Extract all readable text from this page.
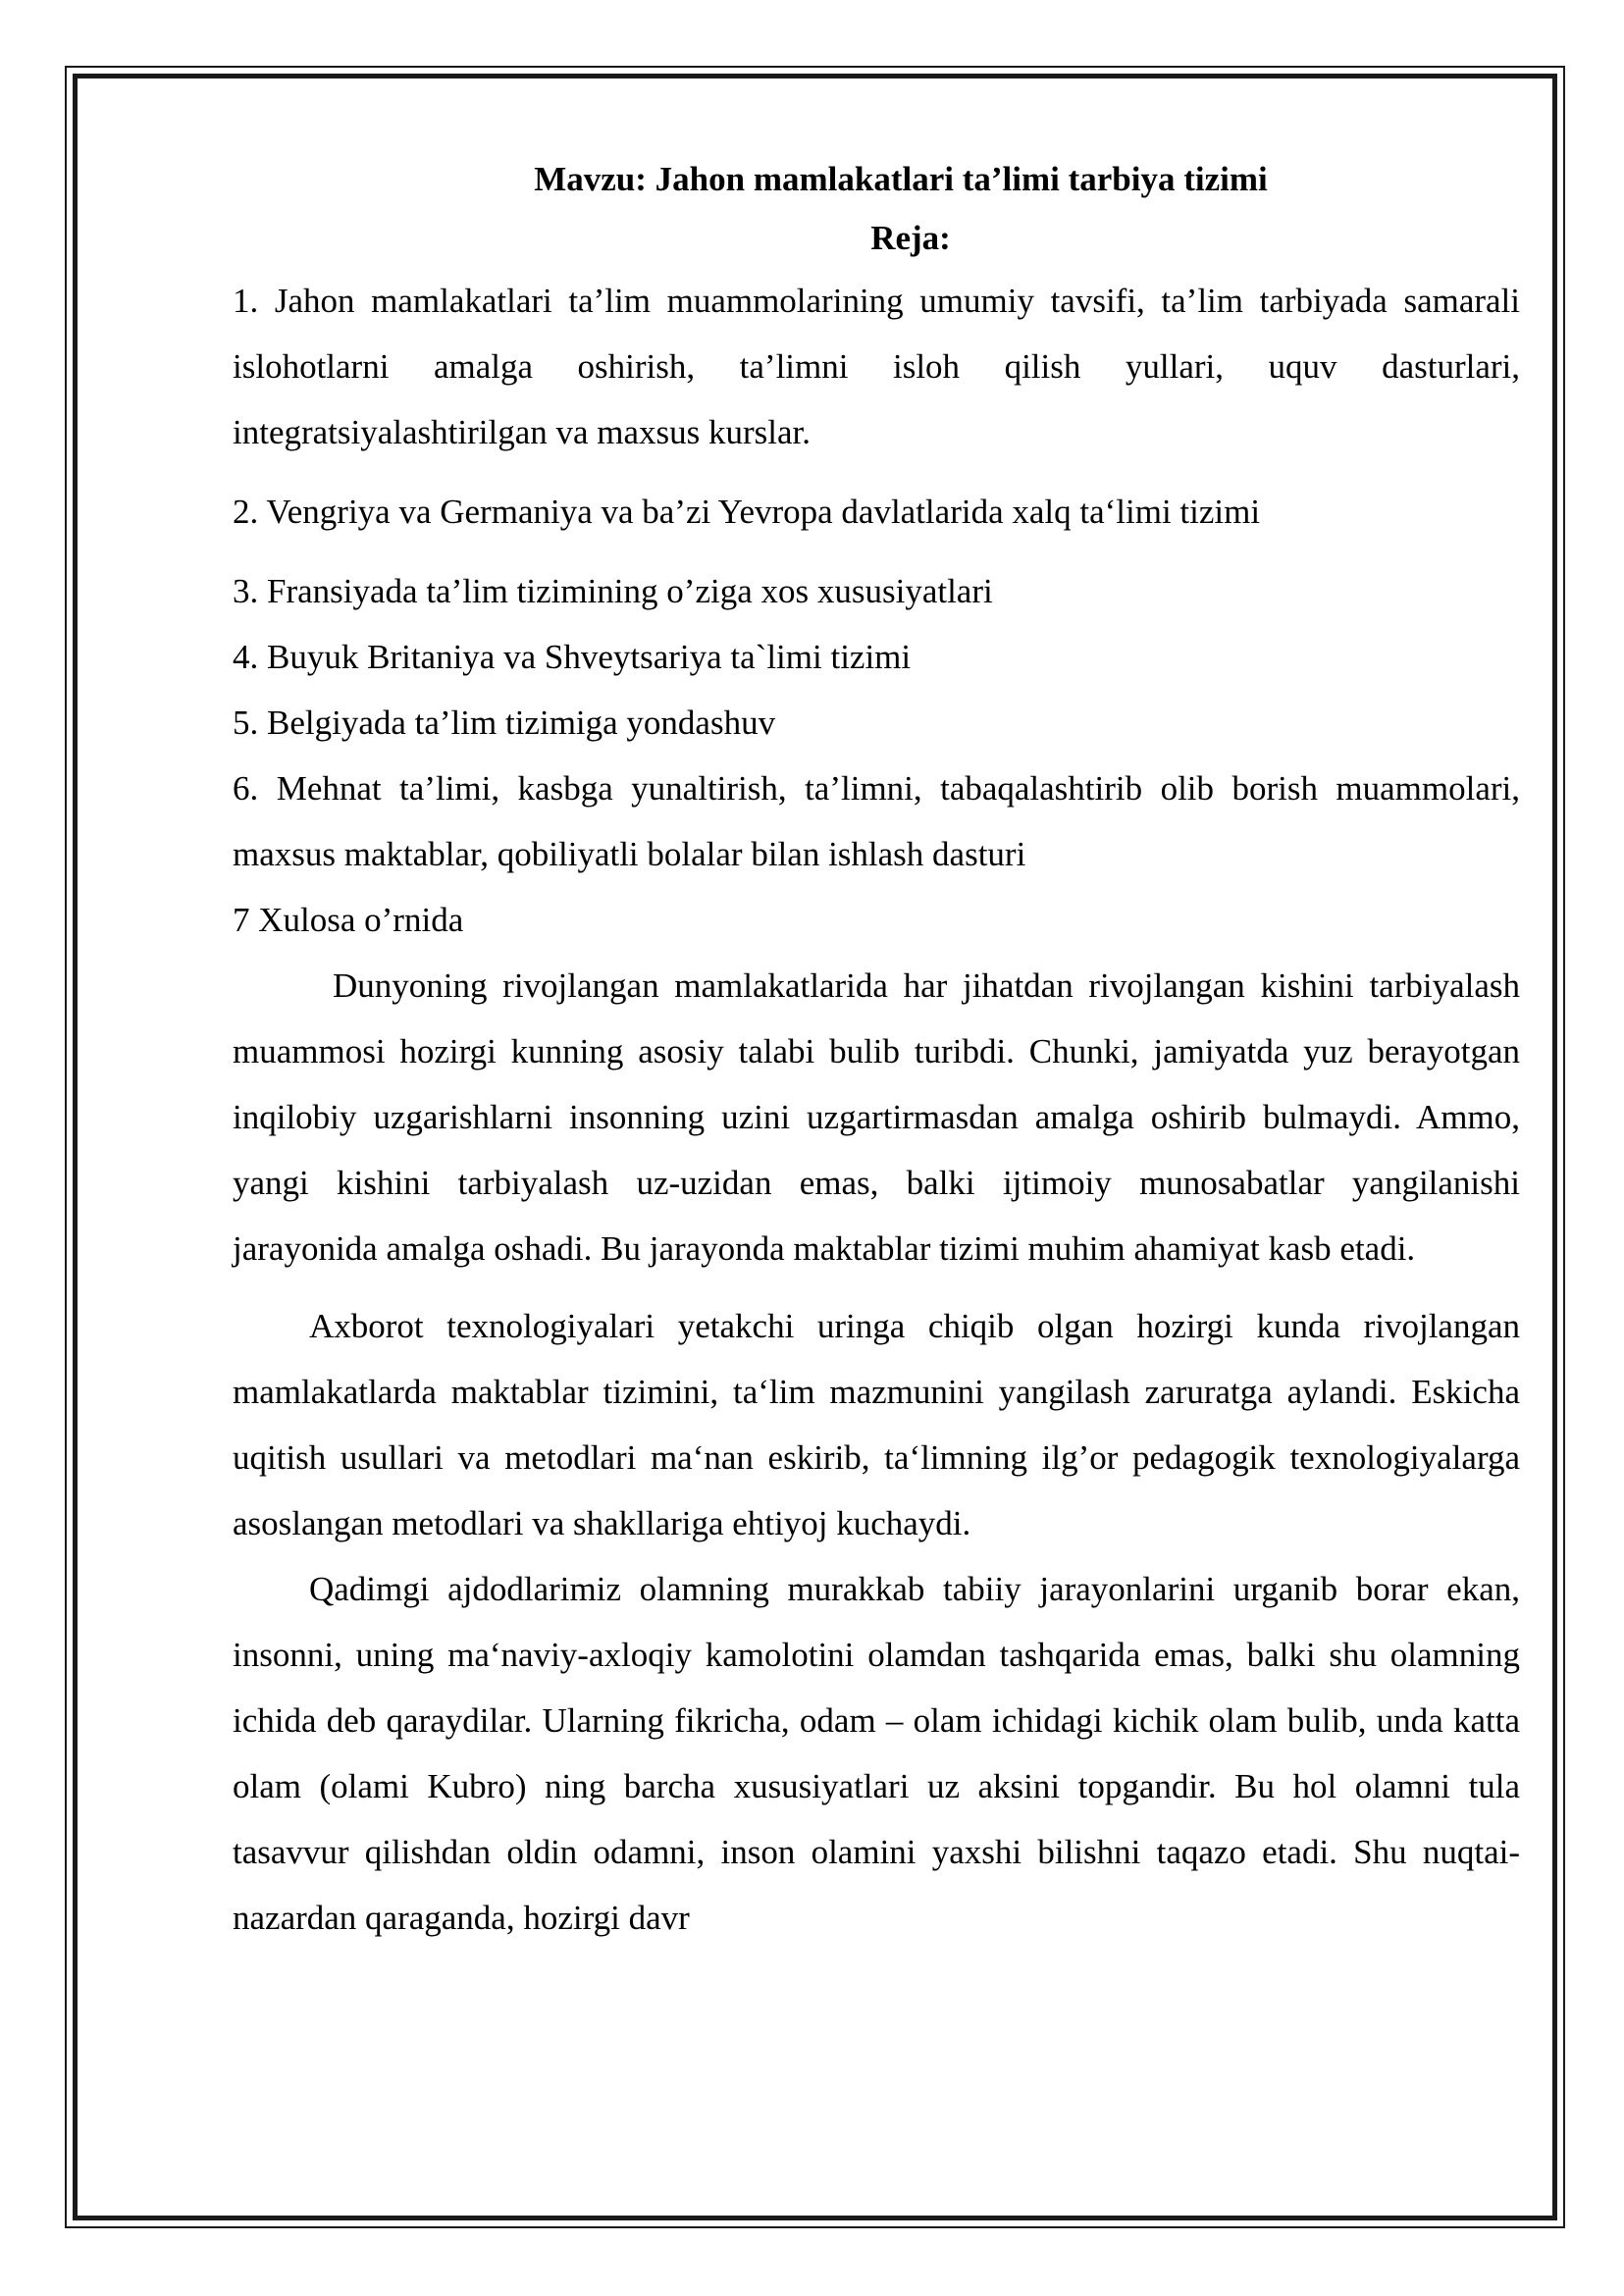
Mavzu: Jahon mamlakatlari ta’limi tarbiya tizimi

Reja:

1. Jahon mamlakatlari ta’lim muammolarining umumiy tavsifi, ta’lim tarbiyada samarali islohotlarni amalga oshirish, ta’limni isloh qilish yullari, uquv dasturlari, integratsiyalashtirilgan va maxsus kurslar.

2. Vengriya va Germaniya va ba’zi Yevropa davlatlarida xalq ta‘limi tizimi

3. Fransiyada ta’lim tizimining o’ziga xos xususiyatlari

4. Buyuk Britaniya va Shveytsariya ta`limi tizimi

5. Belgiyada ta’lim tizimiga yondashuv

6. Mehnat ta’limi, kasbga yunaltirish, ta’limni, tabaqalashtirib olib borish muammolari, maxsus maktablar, qobiliyatli bolalar bilan ishlash dasturi

7 Xulosa o’rnida

Dunyoning rivojlangan mamlakatlarida har jihatdan rivojlangan kishini tarbiyalash muammosi hozirgi kunning asosiy talabi bulib turibdi. Chunki, jamiyatda yuz berayotgan inqilobiy uzgarishlarni insonning uzini uzgartirmasdan amalga oshirib bulmaydi. Ammo, yangi kishini tarbiyalash uz-uzidan emas, balki ijtimoiy munosabatlar yangilanishi jarayonida amalga oshadi. Bu jarayonda maktablar tizimi muhim ahamiyat kasb etadi.

Axborot texnologiyalari yetakchi uringa chiqib olgan hozirgi kunda rivojlangan mamlakatlarda maktablar tizimini, ta‘lim mazmunini yangilash zaruratga aylandi. Eskicha uqitish usullari va metodlari ma‘nan eskirib, ta‘limning ilg’or pedagogik texnologiyalarga asoslangan metodlari va shakllariga ehtiyoj kuchaydi.

Qadimgi ajdodlarimiz olamning murakkab tabiiy jarayonlarini urganib borar ekan, insonni, uning ma‘naviy-axloqiy kamolotini olamdan tashqarida emas, balki shu olamning ichida deb qaraydilar. Ularning fikricha, odam – olam ichidagi kichik olam bulib, unda katta olam (olami Kubro) ning barcha xususiyatlari uz aksini topgandir. Bu hol olamni tula tasavvur qilishdan oldin odamni, inson olamini yaxshi bilishni taqazo etadi. Shu nuqtai-nazardan qaraganda, hozirgi davr
